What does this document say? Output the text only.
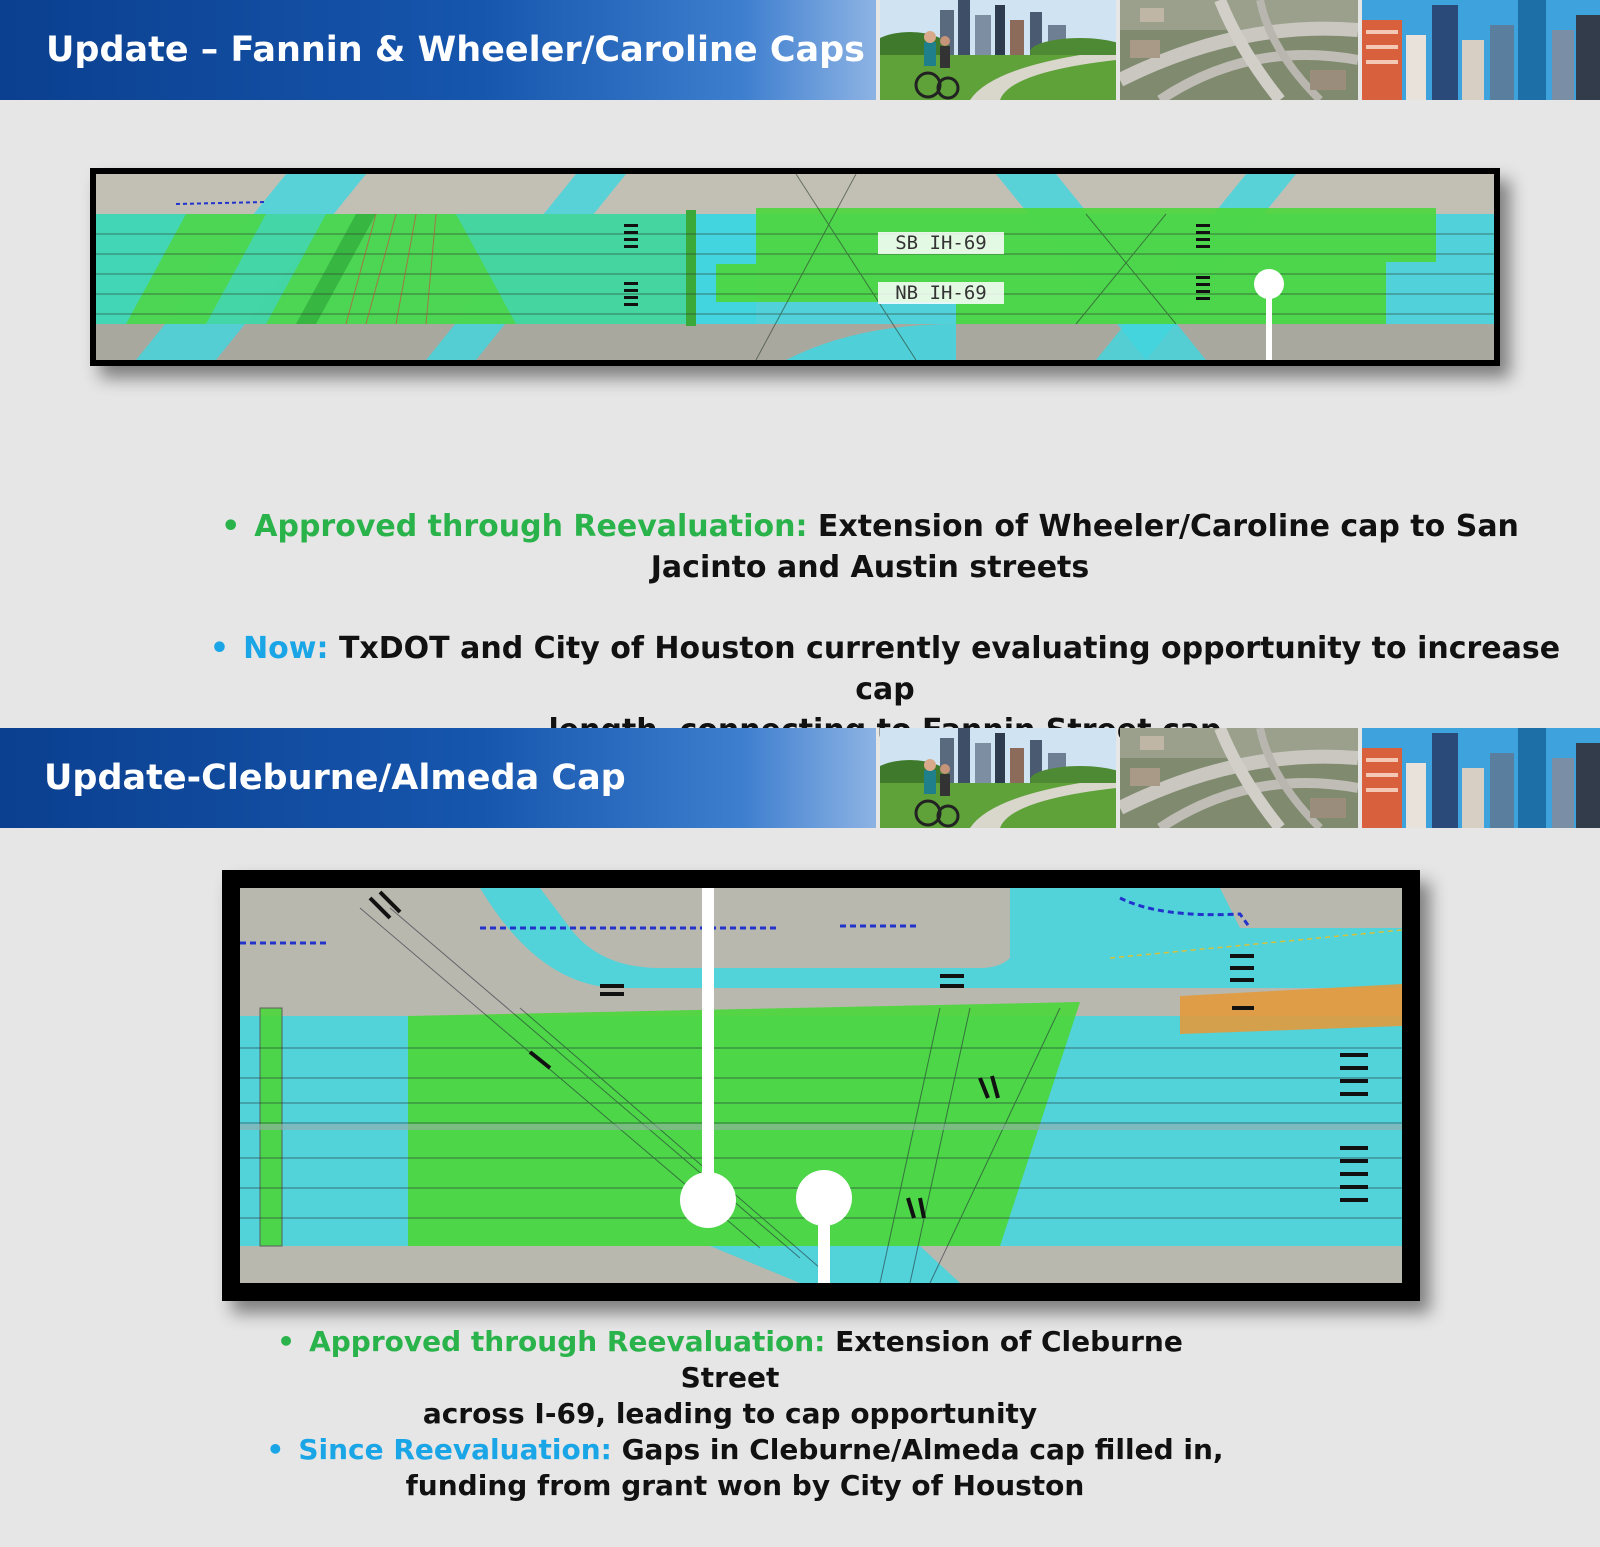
Update – Fannin & Wheeler/Caroline Caps
SB IH-69
NB IH-69
• Approved through Reevaluation: Extension of Wheeler/Caroline cap to San
Jacinto and Austin streets
• Now: TxDOT and City of Houston currently evaluating opportunity to increase cap
Update-Cleburne/Almeda Cap
• Approved through Reevaluation: Extension of Cleburne Street
across I-69, leading to cap opportunity
• Since Reevaluation: Gaps in Cleburne/Almeda cap filled in,
funding from grant won by City of Houston
